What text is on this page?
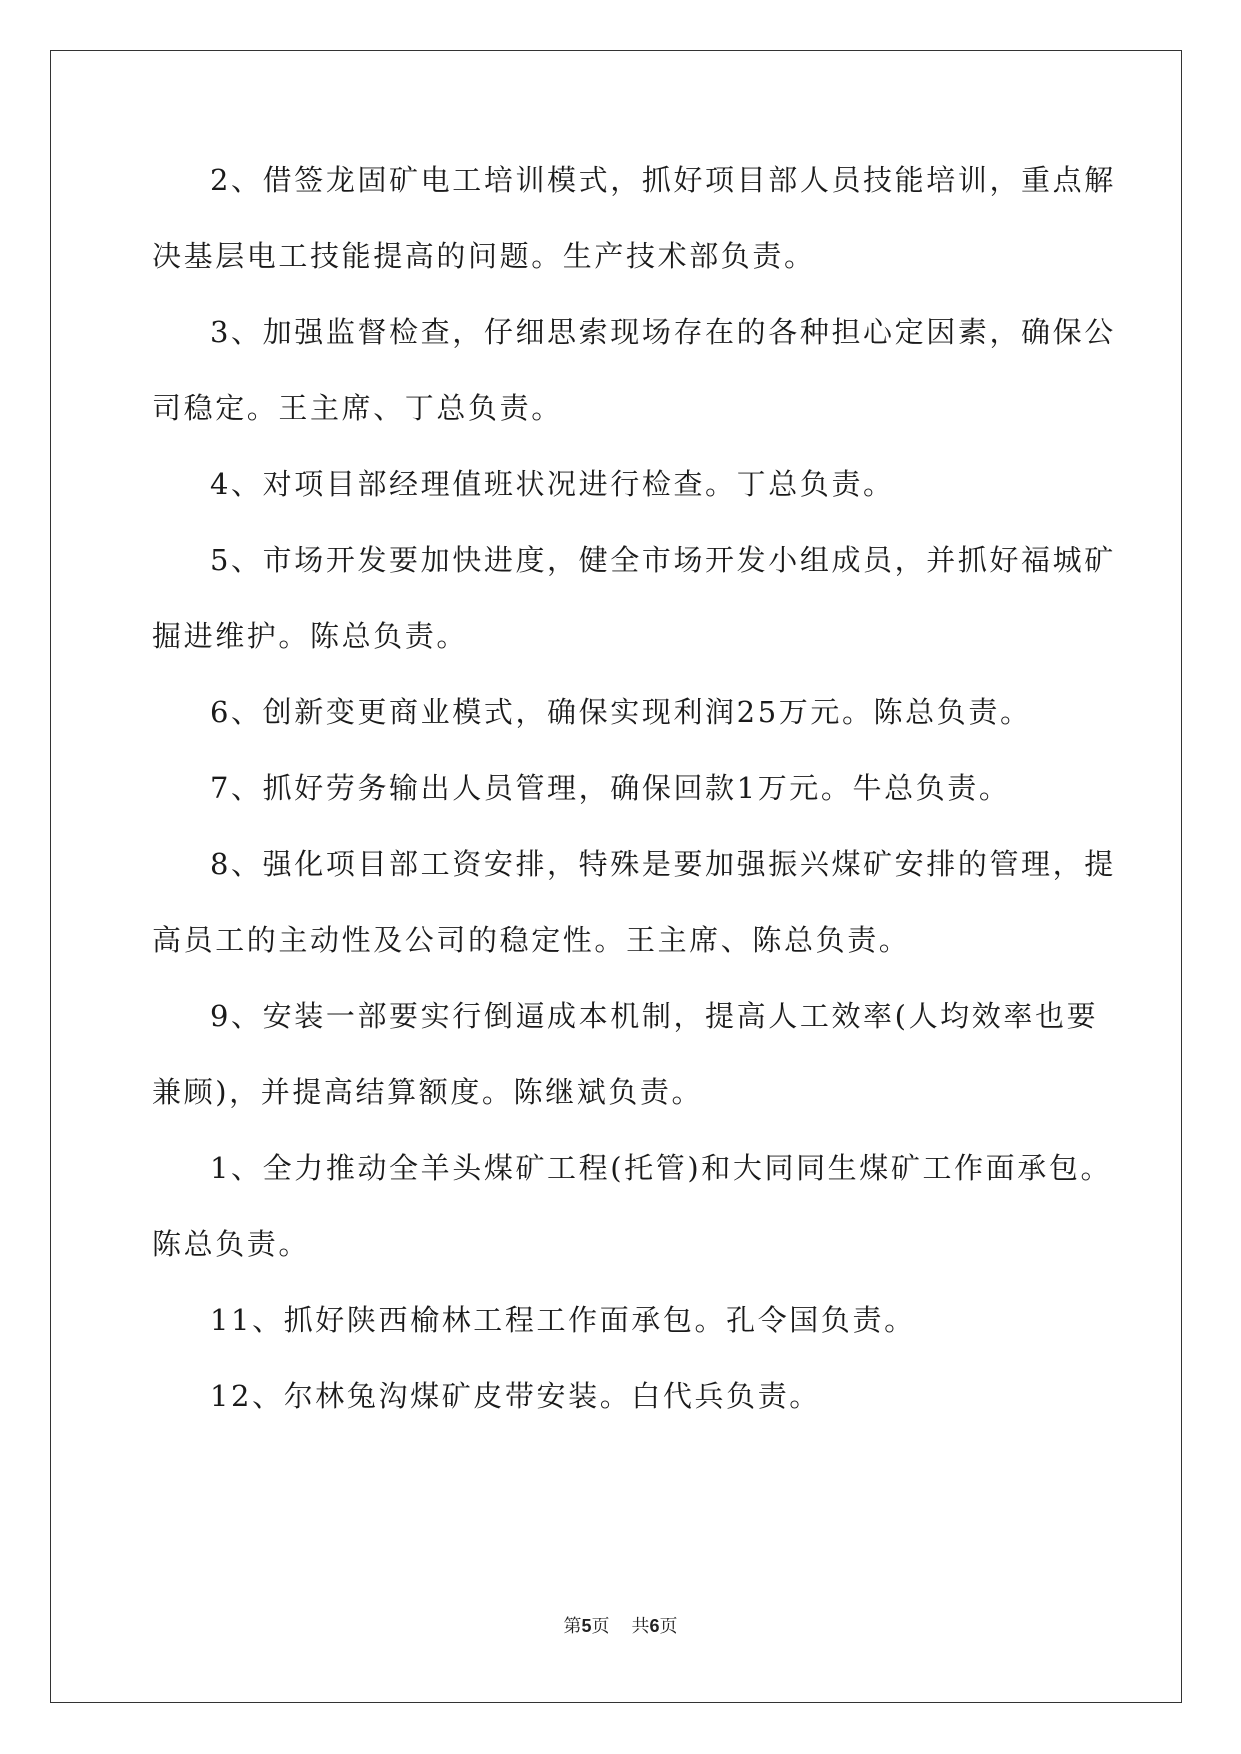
2、借签龙固矿电工培训模式，抓好项目部人员技能培训，重点解
决基层电工技能提高的问题。生产技术部负责。
3、加强监督检查，仔细思索现场存在的各种担心定因素，确保公
司稳定。王主席、丁总负责。
4、对项目部经理值班状况进行检查。丁总负责。
5、市场开发要加快进度，健全市场开发小组成员，并抓好福城矿
掘进维护。陈总负责。
6、创新变更商业模式，确保实现利润25万元。陈总负责。
7、抓好劳务输出人员管理，确保回款1万元。牛总负责。
8、强化项目部工资安排，特殊是要加强振兴煤矿安排的管理，提
高员工的主动性及公司的稳定性。王主席、陈总负责。
9、安装一部要实行倒逼成本机制，提高人工效率(人均效率也要
兼顾)，并提高结算额度。陈继斌负责。
1、全力推动全羊头煤矿工程(托管)和大同同生煤矿工作面承包。
陈总负责。
11、抓好陕西榆林工程工作面承包。孔令国负责。
12、尔林兔沟煤矿皮带安装。白代兵负责。
第5页 共6页
